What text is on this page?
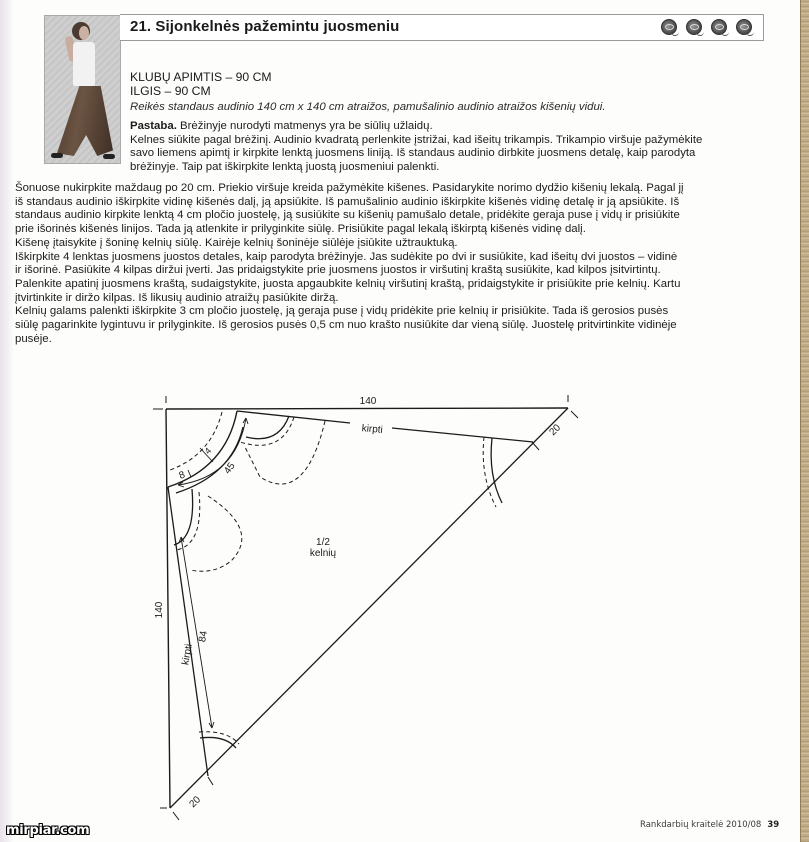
21. Sijonkelnės pažemintu juosmeniu
KLUBŲ APIMTIS – 90 CM
ILGIS – 90 CM
Reikės standaus audinio 140 cm x 140 cm atraižos, pamušalinio audinio atraižos kišenių vidui.

Pastaba. Brėžinyje nurodyti matmenys yra be siūlių užlaidų.

Kelnes siūkite pagal brėžinį. Audinio kvadratą perlenkite įstrižai, kad išeitų trikampis. Trikampio viršuje pažymėkite

savo liemens apimtį ir kirpkite lenktą juosmens liniją. Iš standaus audinio dirbkite juosmens detalę, kaip parodyta

brėžinyje. Taip pat iškirpkite lenktą juostą juosmeniui palenkti.

Šonuose nukirpkite maždaug po 20 cm. Priekio viršuje kreida pažymėkite kišenes. Pasidarykite norimo dydžio kišenių lekalą. Pagal jį

iš standaus audinio iškirpkite vidinę kišenės dalį, ją apsiūkite. Iš pamušalinio audinio iškirpkite kišenės vidinę detalę ir ją apsiūkite. Iš

standaus audinio kirpkite lenktą 4 cm pločio juostelę, ją susiūkite su kišenių pamušalo detale, pridėkite geraja puse į vidų ir prisiūkite

prie išorinės kišenės linijos. Tada ją atlenkite ir prilyginkite siūlę. Prisiūkite pagal lekalą iškirptą kišenės vidinę dalį.

Kišenę įtaisykite į šoninę kelnių siūlę. Kairėje kelnių šoninėje siūlėje įsiūkite užtrauktuką.

Iškirpkite 4 lenktas juosmens juostos detales, kaip parodyta brėžinyje. Jas sudėkite po dvi ir susiūkite, kad išeitų dvi juostos – vidinė

ir išorinė. Pasiūkite 4 kilpas diržui įverti. Jas pridaigstykite prie juosmens juostos ir viršutinį kraštą susiūkite, kad kilpos įsitvirtintų.

Palenkite apatinį juosmens kraštą, sudaigstykite, juosta apgaubkite kelnių viršutinį kraštą, pridaigstykite ir prisiūkite prie kelnių. Kartu

įtvirtinkite ir diržo kilpas. Iš likusių audinio atraižų pasiūkite diržą.

Kelnių galams palenkti iškirpkite 3 cm pločio juostelę, ją geraja puse į vidų pridėkite prie kelnių ir prisiūkite. Tada iš gerosios pusės

siūlę pagarinkite lygintuvu ir prilyginkite. Iš gerosios pusės 0,5 cm nuo krašto nusiūkite dar vieną siūlę. Juostelę pritvirtinkite vidinėje

pusėje.

140
kirpti	20
140
kirpti
84
45
4
8
20
1/2
kelnių
Rankdarbių kraitelė 2010/08 39
mirpiar.com
